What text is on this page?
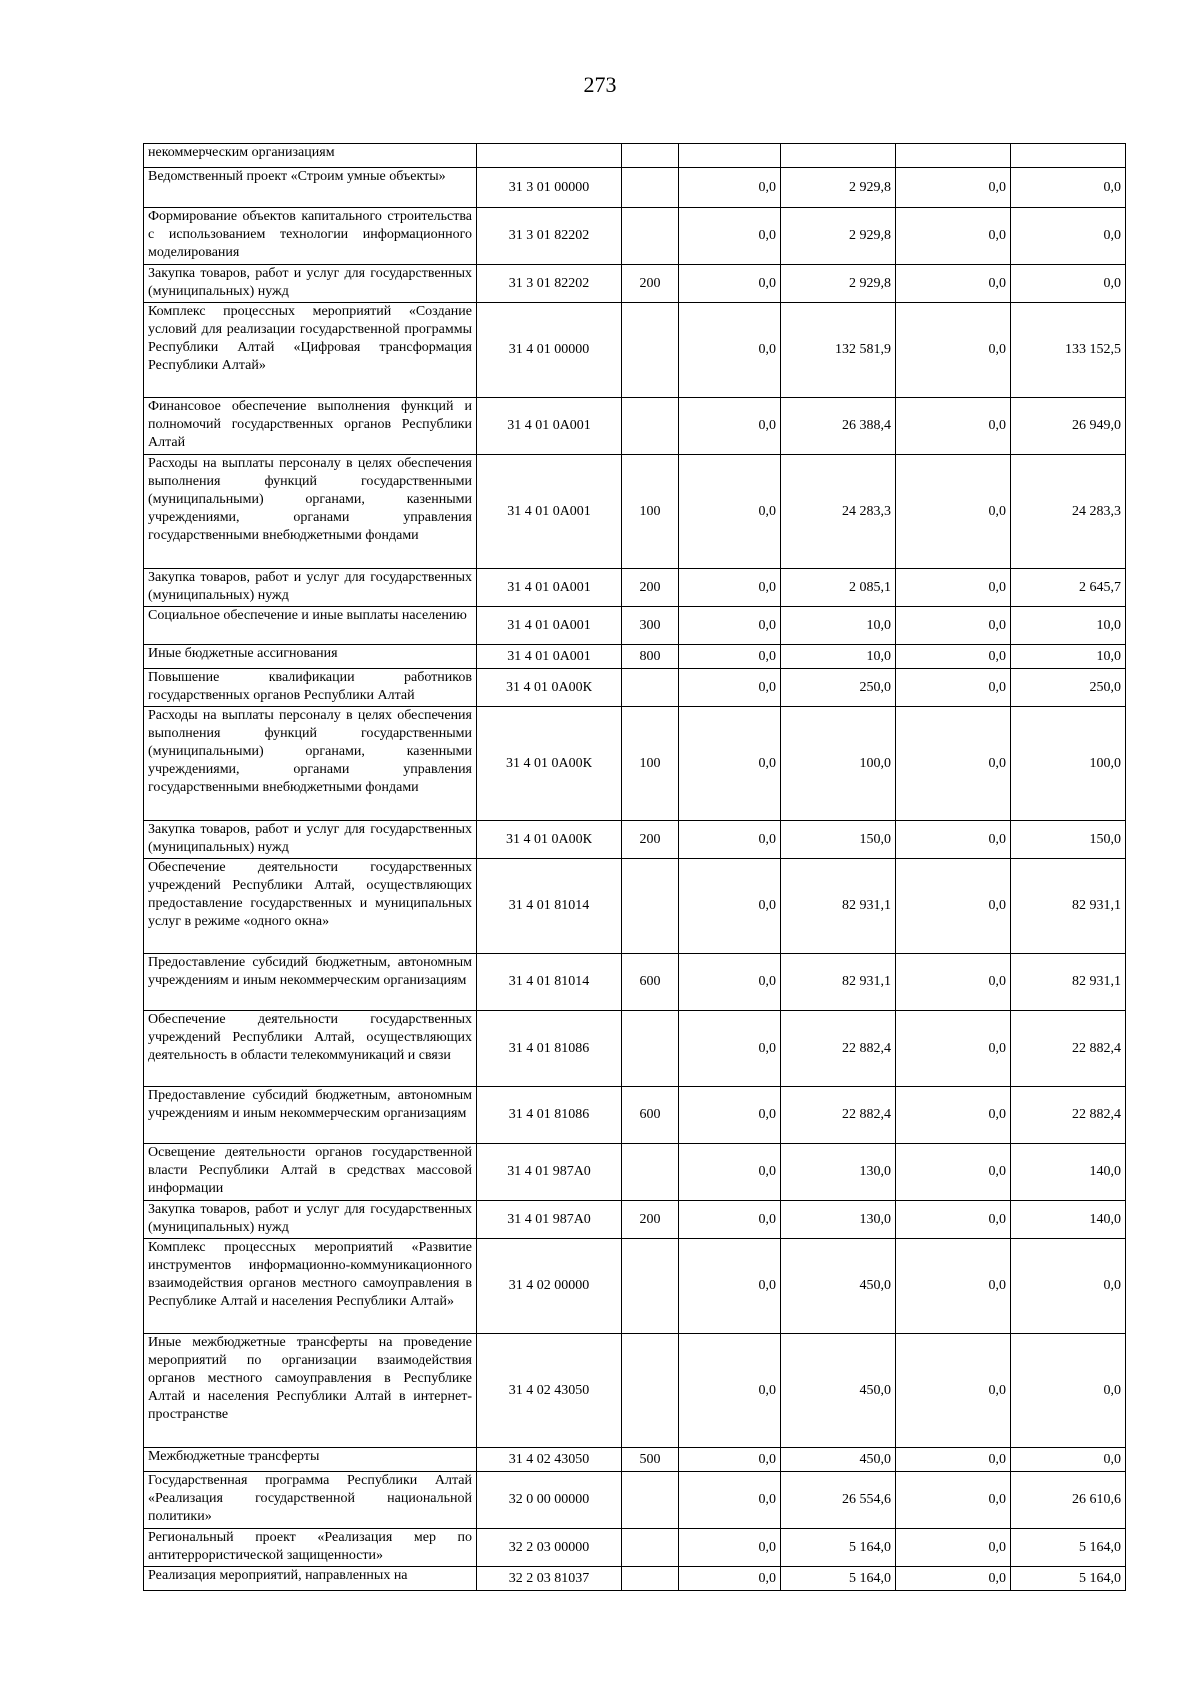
273
некоммерческим организациям						
Ведомственный проект «Строим умные объекты»	31 3 01 00000		0,0	2 929,8	0,0	0,0
Формирование объектов капитального строительства с использованием технологии информационного моделирования	31 3 01 82202		0,0	2 929,8	0,0	0,0
Закупка товаров, работ и услуг для государственных (муниципальных) нужд	31 3 01 82202	200	0,0	2 929,8	0,0	0,0
Комплекс процессных мероприятий «Создание условий для реализации государственной программы Республики Алтай «Цифровая трансформация Республики Алтай»	31 4 01 00000		0,0	132 581,9	0,0	133 152,5
Финансовое обеспечение выполнения функций и полномочий государственных органов Республики Алтай	31 4 01 0А001		0,0	26 388,4	0,0	26 949,0
Расходы на выплаты персоналу в целях обеспечения выполнения функций государственными (муниципальными) органами, казенными учреждениями, органами управления государственными внебюджетными фондами	31 4 01 0А001	100	0,0	24 283,3	0,0	24 283,3
Закупка товаров, работ и услуг для государственных (муниципальных) нужд	31 4 01 0А001	200	0,0	2 085,1	0,0	2 645,7
Социальное обеспечение и иные выплаты населению	31 4 01 0А001	300	0,0	10,0	0,0	10,0
Иные бюджетные ассигнования	31 4 01 0А001	800	0,0	10,0	0,0	10,0
Повышение квалификации работников государственных органов Республики Алтай	31 4 01 0А00К		0,0	250,0	0,0	250,0
Расходы на выплаты персоналу в целях обеспечения выполнения функций государственными (муниципальными) органами, казенными учреждениями, органами управления государственными внебюджетными фондами	31 4 01 0А00К	100	0,0	100,0	0,0	100,0
Закупка товаров, работ и услуг для государственных (муниципальных) нужд	31 4 01 0А00К	200	0,0	150,0	0,0	150,0
Обеспечение деятельности государственных учреждений Республики Алтай, осуществляющих предоставление государственных и муниципальных услуг в режиме «одного окна»	31 4 01 81014		0,0	82 931,1	0,0	82 931,1
Предоставление субсидий бюджетным, автономным учреждениям и иным некоммерческим организациям	31 4 01 81014	600	0,0	82 931,1	0,0	82 931,1
Обеспечение деятельности государственных учреждений Республики Алтай, осуществляющих деятельность в области телекоммуникаций и связи	31 4 01 81086		0,0	22 882,4	0,0	22 882,4
Предоставление субсидий бюджетным, автономным учреждениям и иным некоммерческим организациям	31 4 01 81086	600	0,0	22 882,4	0,0	22 882,4
Освещение деятельности органов государственной власти Республики Алтай в средствах массовой информации	31 4 01 987А0		0,0	130,0	0,0	140,0
Закупка товаров, работ и услуг для государственных (муниципальных) нужд	31 4 01 987А0	200	0,0	130,0	0,0	140,0
Комплекс процессных мероприятий «Развитие инструментов информационно-коммуникационного взаимодействия органов местного самоуправления в Республике Алтай и населения Республики Алтай»	31 4 02 00000		0,0	450,0	0,0	0,0
Иные межбюджетные трансферты на проведение мероприятий по организации взаимодействия органов местного самоуправления в Республике Алтай и населения Республики Алтай в интернет-пространстве	31 4 02 43050		0,0	450,0	0,0	0,0
Межбюджетные трансферты	31 4 02 43050	500	0,0	450,0	0,0	0,0
Государственная программа Республики Алтай «Реализация государственной национальной политики»	32 0 00 00000		0,0	26 554,6	0,0	26 610,6
Региональный проект «Реализация мер по антитеррористической защищенности»	32 2 03 00000		0,0	5 164,0	0,0	5 164,0
Реализация мероприятий, направленных на	32 2 03 81037		0,0	5 164,0	0,0	5 164,0
